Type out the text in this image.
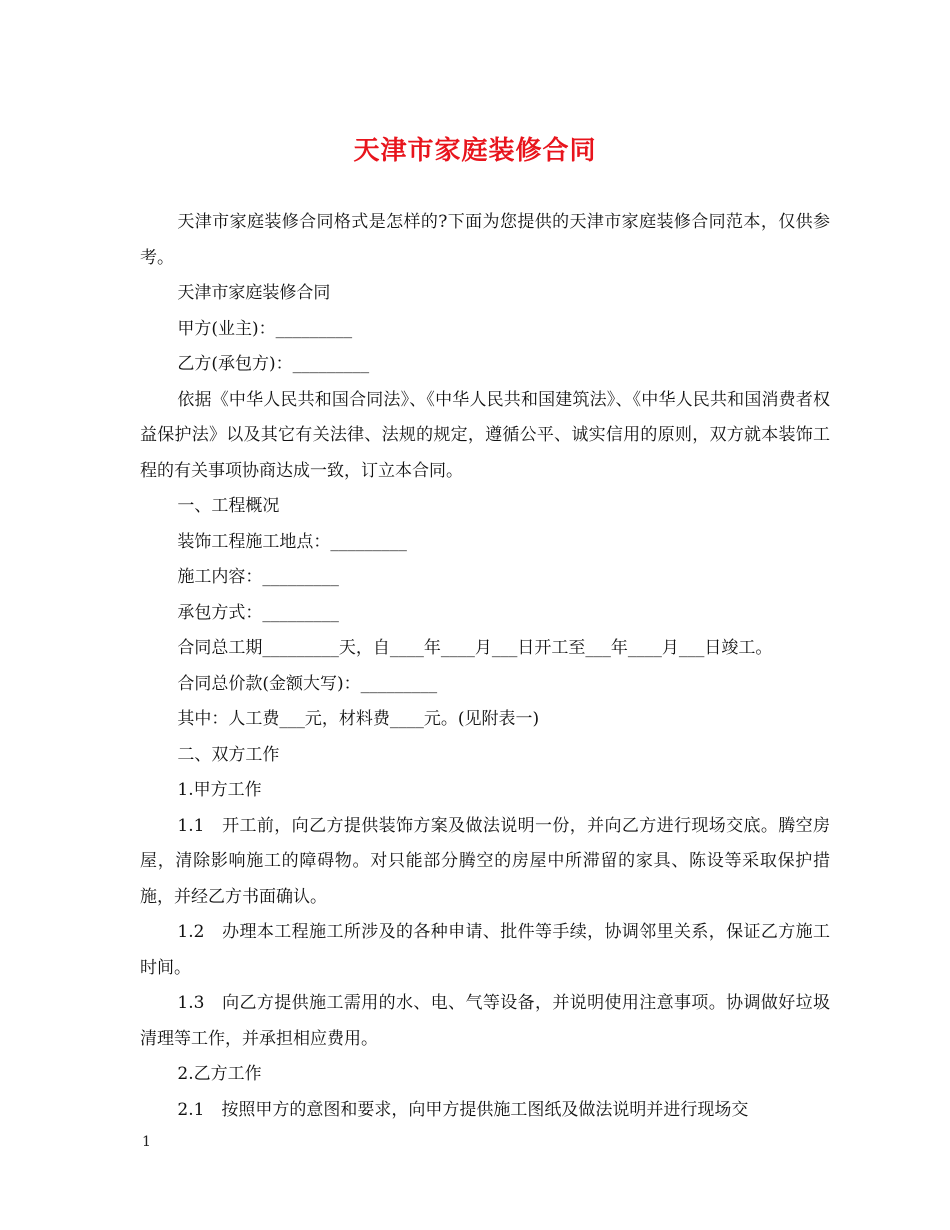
天津市家庭装修合同

天津市家庭装修合同格式是怎样的?下面为您提供的天津市家庭装修合同范本，仅供参考。

天津市家庭装修合同

甲方(业主)：_________

乙方(承包方)：_________

依据《中华人民共和国合同法》、《中华人民共和国建筑法》、《中华人民共和国消费者权益保护法》以及其它有关法律、法规的规定，遵循公平、诚实信用的原则，双方就本装饰工程的有关事项协商达成一致，订立本合同。

一、工程概况

装饰工程施工地点：_________

施工内容：_________

承包方式：_________

合同总工期_________天，自____年____月___日开工至___年____月___日竣工。

合同总价款(金额大写)：_________

其中：人工费___元，材料费____元。(见附表一)

二、双方工作

1.甲方工作

1.1　开工前，向乙方提供装饰方案及做法说明一份，并向乙方进行现场交底。腾空房屋，清除影响施工的障碍物。对只能部分腾空的房屋中所滞留的家具、陈设等采取保护措施，并经乙方书面确认。

1.2　办理本工程施工所涉及的各种申请、批件等手续，协调邻里关系，保证乙方施工时间。

1.3　向乙方提供施工需用的水、电、气等设备，并说明使用注意事项。协调做好垃圾清理等工作，并承担相应费用。

2.乙方工作

2.1　按照甲方的意图和要求，向甲方提供施工图纸及做法说明并进行现场交

1
